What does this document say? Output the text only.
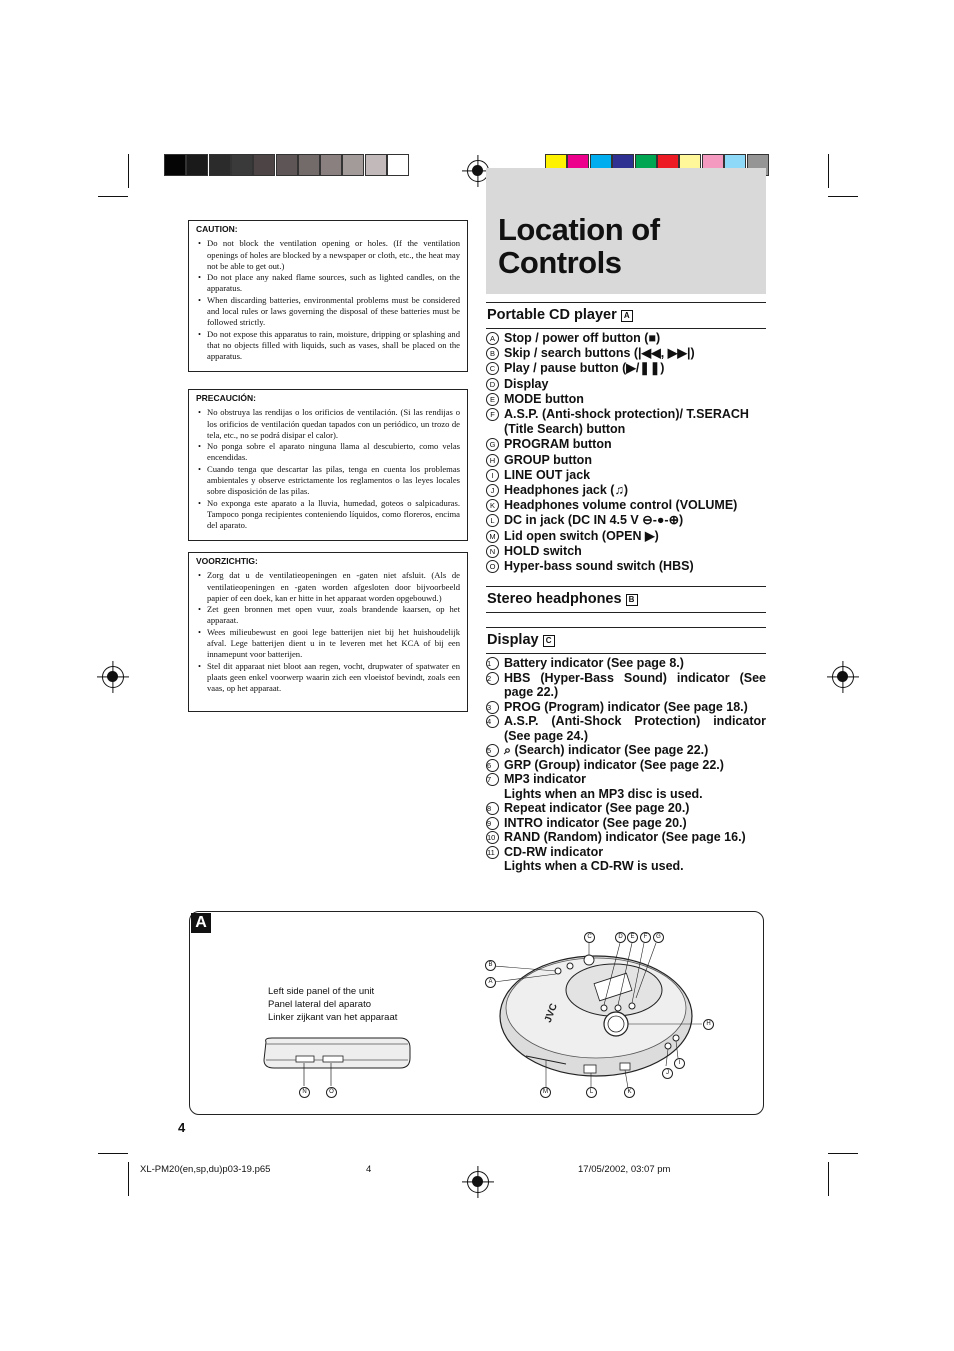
CAUTION:
• Do not block the ventilation opening or holes. (If the ventilation openings of holes are blocked by a newspaper or cloth, etc., the heat may not be able to get out.)
• Do not place any naked flame sources, such as lighted candles, on the apparatus.
• When discarding batteries, environmental problems must be considered and local rules or laws governing the disposal of these batteries must be followed strictly.
• Do not expose this apparatus to rain, moisture, dripping or splashing and that no objects filled with liquids, such as vases, shall be placed on the apparatus.
PRECAUCIÓN:
• No obstruya las rendijas o los orificios de ventilación. (Si las rendijas o los orificios de ventilación quedan tapados con un periódico, un trozo de tela, etc., no se podrá disipar el calor).
• No ponga sobre el aparato ninguna llama al descubierto, como velas encendidas.
• Cuando tenga que descartar las pilas, tenga en cuenta los problemas ambientales y observe estrictamente los reglamentos o las leyes locales sobre disposición de las pilas.
• No exponga este aparato a la lluvia, humedad, goteos o salpicaduras. Tampoco ponga recipientes conteniendo líquidos, como floreros, encima del aparato.
VOORZICHTIG:
• Zorg dat u de ventilatieopeningen en -gaten niet afsluit. (Als de ventilatieopeningen en -gaten worden afgesloten door bijvoorbeeld papier of een doek, kan er hitte in het apparaat worden opgebouwd.)
• Zet geen bronnen met open vuur, zoals brandende kaarsen, op het apparaat.
• Wees milieubewust en gooi lege batterijen niet bij het huishoudelijk afval. Lege batterijen dient u in te leveren met het KCA of bij een innamepunt voor batterijen.
• Stel dit apparaat niet bloot aan regen, vocht, drupwater of spatwater en plaats geen enkel voorwerp waarin zich een vloeistof bevindt, zoals een vaas, op het apparaat.
Location of
Controls
Portable CD player A
A Stop / power off button (■)
B Skip / search buttons (|◀◀, ▶▶|)
C Play / pause button (▶/❚❚)
D Display
E MODE button
F A.S.P. (Anti-shock protection)/ T.SERACH (Title Search) button
G PROGRAM button
H GROUP button
I LINE OUT jack
J Headphones jack (♫)
K Headphones volume control (VOLUME)
L DC in jack (DC IN 4.5 V ⊖-●-⊕)
M Lid open switch (OPEN ▶)
N HOLD switch
O Hyper-bass sound switch (HBS)
Stereo headphones B
Display C
1	Battery indicator (See page 8.)
2	HBS (Hyper-Bass Sound) indicator (See page 22.)
3	PROG (Program) indicator (See page 18.)
4	A.S.P. (Anti-Shock Protection) indicator (See page 24.)
5	⌕ (Search) indicator (See page 22.)
6	GRP (Group) indicator (See page 22.)
7	MP3 indicator
Lights when an MP3 disc is used.
8	Repeat indicator (See page 20.)
9	INTRO indicator (See page 20.)
10 RAND (Random) indicator (See page 16.)
11 CD-RW indicator
Lights when a CD-RW is used.
A
Left side panel of the unit
Panel lateral del aparato
Linker zijkant van het apparaat	JVC
C	D	E	F	G
B
A
H
I
J
M	L	K
N	O
4
XL-PM20(en,sp,du)p03-19.p65	4	17/05/2002, 03:07 pm
